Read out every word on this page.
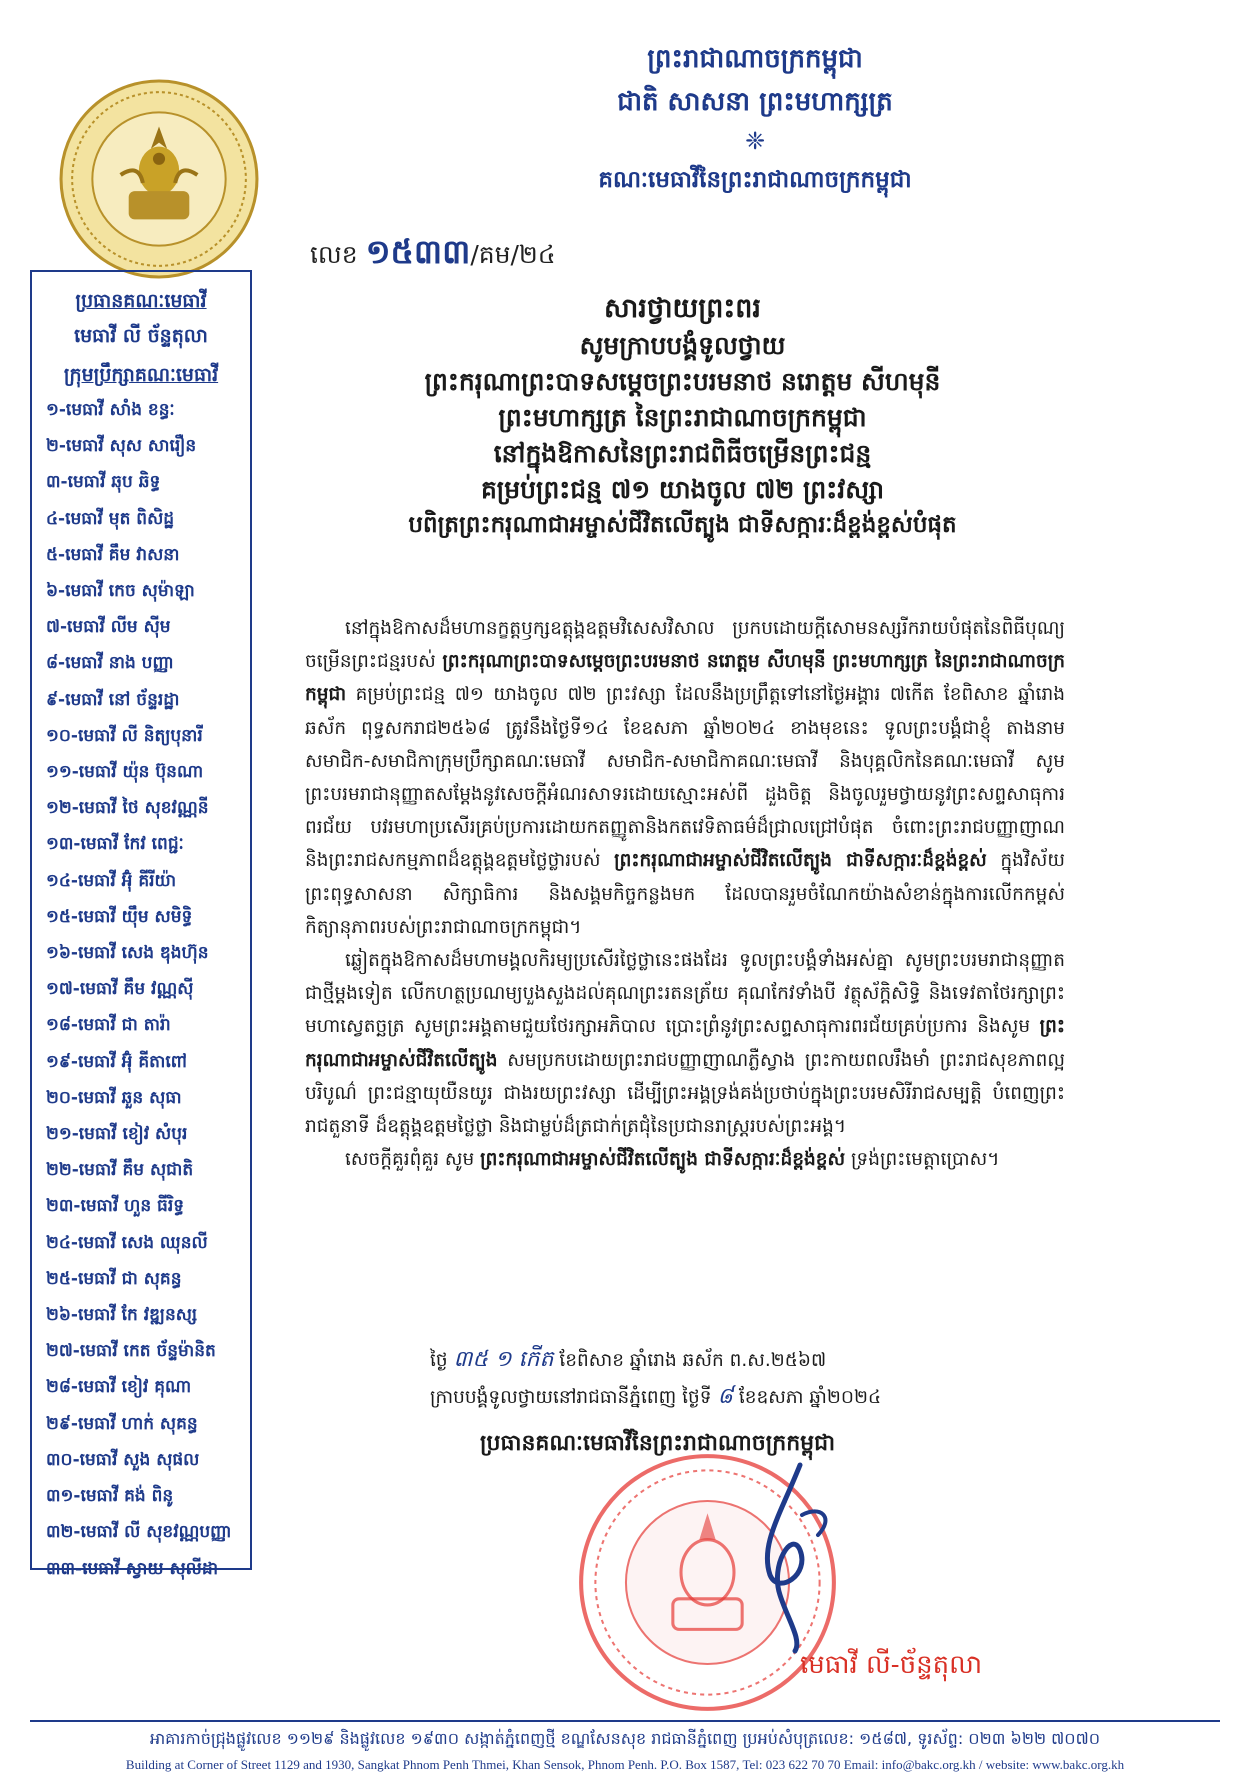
ព្រះរាជាណាចក្រកម្ពុជា
ជាតិ សាសនា ព្រះមហាក្សត្រ
❈
គណៈមេធាវីនៃព្រះរាជាណាចក្រកម្ពុជា
លេខ ១៥៣៣/គម/២៤
ប្រធានគណៈមេធាវី
មេធាវី លី ច័ន្ទតុលា
ក្រុមប្រឹក្សាគណៈមេធាវី
១-មេធាវី សាំង ខន្ធៈ
២-មេធាវី សុស សារឿន
៣-មេធាវី ឆុប ឆិទ្ធ
៤-មេធាវី មុត ពិសិដ្ឋ
៥-មេធាវី គឹម វាសនា
៦-មេធាវី កេច សុម៉ាឡា
៧-មេធាវី លីម ស៊ីម
៨-មេធាវី នាង បញ្ញា
៩-មេធាវី នៅ ច័ន្ទរដ្ឋា
១០-មេធាវី លី និត្យបុនារី
១១-មេធាវី យ៉ុន ប៊ុនណា
១២-មេធាវី ថៃ សុខវណ្ណនី
១៣-មេធាវី កែវ ពេជ្ជៈ
១៤-មេធាវី អ៊ុំ គីរីយ៉ា
១៥-មេធាវី យ៉ឹម សមិទ្ធិ
១៦-មេធាវី សេង ឌុងហ៊ុន
១៧-មេធាវី គឹម វណ្ណស៊ី
១៨-មេធាវី ជា តារ៉ា
១៩-មេធាវី អ៊ុំ គីតាពៅ
២០-មេធាវី ឆួន សុធា
២១-មេធាវី ខៀវ សំបុរ
២២-មេធាវី គឹម សុជាតិ
២៣-មេធាវី ហួន ធីរិទ្ធ
២៤-មេធាវី សេង ឈុនលី
២៥-មេធាវី ជា សុគន្ធ
២៦-មេធាវី កែ វឌ្ឍនស្ស
២៧-មេធាវី កេត ច័ន្ទម៉ានិត
២៨-មេធាវី ខៀវ គុណា
២៩-មេធាវី ហាក់ សុគន្ធ
៣០-មេធាវី សួង សុផល
៣១-មេធាវី គង់ ពិនូ
៣២-មេធាវី លី សុខវណ្ណបញ្ញា
៣៣-មេធាវី ស្វាយ សុលីដា
សារថ្វាយព្រះពរ
សូមក្រាបបង្គំទូលថ្វាយ
ព្រះករុណាព្រះបាទសម្តេចព្រះបរមនាថ នរោត្តម សីហមុនី
ព្រះមហាក្សត្រ នៃព្រះរាជាណាចក្រកម្ពុជា
នៅក្នុងឱកាសនៃព្រះរាជពិធីចម្រើនព្រះជន្ម
គម្រប់ព្រះជន្ម ៧១ យាងចូល ៧២ ព្រះវស្សា
បពិត្រព្រះករុណាជាអម្ចាស់ជីវិតលើត្បូង ជាទីសក្ការៈដ៏ខ្ពង់ខ្ពស់បំផុត

នៅក្នុងឱកាសដ៏មហានក្ខត្តឫក្សឧត្តុង្គឧត្តមវិសេសវិសាល ប្រកបដោយក្តីសោមនស្សរីករាយបំផុតនៃពិធីបុណ្យចម្រើនព្រះជន្មរបស់ ព្រះករុណាព្រះបាទសម្តេចព្រះបរមនាថ នរោត្តម សីហមុនី ព្រះមហាក្សត្រ នៃព្រះរាជាណាចក្រកម្ពុជា គម្រប់ព្រះជន្ម ៧១ យាងចូល ៧២ ព្រះវស្សា ដែលនឹងប្រព្រឹត្តទៅនៅថ្ងៃអង្គារ ៧កើត ខែពិសាខ ឆ្នាំរោង ឆស័ក ពុទ្ធសករាជ២៥៦៨ ត្រូវនឹងថ្ងៃទី១៤ ខែឧសភា ឆ្នាំ២០២៤ ខាងមុខនេះ ទូលព្រះបង្គំជាខ្ញុំ តាងនាមសមាជិក-សមាជិកាក្រុមប្រឹក្សាគណៈមេធាវី សមាជិក-សមាជិកាគណៈមេធាវី និងបុគ្គលិកនៃគណៈមេធាវី សូមព្រះបរមរាជានុញ្ញាតសម្តែងនូវសេចក្តីអំណរសាទរដោយស្មោះអស់ពី ដួងចិត្ត និងចូលរួមថ្វាយនូវព្រះសព្ទសាធុការពរជ័យ បវរមហាប្រសើរគ្រប់ប្រការដោយកតញ្ញូតានិងកតវេទិតាធម៌ដ៏ជ្រាលជ្រៅបំផុត ចំពោះព្រះរាជបញ្ញាញាណ និងព្រះរាជសកម្មភាពដ៏ឧត្តុង្គឧត្តមថ្លៃថ្លារបស់ ព្រះករុណាជាអម្ចាស់ជីវិតលើត្បូង ជាទីសក្ការៈដ៏ខ្ពង់ខ្ពស់ ក្នុងវិស័យព្រះពុទ្ធសាសនា សិក្សាធិការ និងសង្គមកិច្ចកន្លងមក ដែលបានរួមចំណែកយ៉ាងសំខាន់ក្នុងការលើកកម្ពស់កិត្យានុភាពរបស់ព្រះរាជាណាចក្រកម្ពុជា។

ឆ្លៀតក្នុងឱកាសដ៏មហាមង្គលកិរម្យប្រសើរថ្លៃថ្លានេះផងដែរ ទូលព្រះបង្គំទាំងអស់គ្នា សូមព្រះបរមរាជានុញ្ញាតជាថ្មីម្តងទៀត លើកហត្ថប្រណម្យបួងសួងដល់គុណព្រះរតនត្រ័យ គុណកែវទាំងបី វត្ថុស័ក្តិសិទ្ធិ និងទេវតាថែរក្សាព្រះមហាស្វេតច្ឆត្រ សូមព្រះអង្គតាមជួយថែរក្សាអភិបាល ប្រោះព្រំនូវព្រះសព្ទសាធុការពរជ័យគ្រប់ប្រការ និងសូម ព្រះករុណាជាអម្ចាស់ជីវិតលើត្បូង សមប្រកបដោយព្រះរាជបញ្ញាញាណភ្លឺស្វាង ព្រះកាយពលរឹងមាំ ព្រះរាជសុខភាពល្អបរិបូណ៌ ព្រះជន្មាយុយឺនយូរ ជាងរយព្រះវស្សា ដើម្បីព្រះអង្គទ្រង់គង់ប្រថាប់ក្នុងព្រះបរមសិរីរាជសម្បត្តិ បំពេញព្រះរាជតួនាទី ដ៏ឧត្តុង្គឧត្តមថ្លៃថ្លា និងជាម្លប់ដ៏ត្រជាក់ត្រជុំនៃប្រជានរាស្ត្ររបស់ព្រះអង្គ។

សេចក្តីគួរពុំគួរ សូម ព្រះករុណាជាអម្ចាស់ជីវិតលើត្បូង ជាទីសក្ការៈដ៏ខ្ពង់ខ្ពស់ ទ្រង់ព្រះមេត្តាប្រោស។

ថ្ងៃ ៣៥ ១ កើត ខែពិសាខ ឆ្នាំរោង ឆស័ក ព.ស.២៥៦៧
ក្រាបបង្គំទូលថ្វាយនៅរាជធានីភ្នំពេញ ថ្ងៃទី ៨ ខែឧសភា ឆ្នាំ២០២៤
ប្រធានគណៈមេធាវីនៃព្រះរាជាណាចក្រកម្ពុជា
មេធាវី លី-ច័ន្ទតុលា
អាគារកាច់ជ្រុងផ្លូវលេខ ១១២៩ និងផ្លូវលេខ ១៩៣០ សង្កាត់ភ្នំពេញថ្មី ខណ្ឌសែនសុខ រាជធានីភ្នំពេញ ប្រអប់សំបុត្រលេខ: ១៥៨៧, ទូរស័ព្ទ: ០២៣ ៦២២ ៧០៧០
Building at Corner of Street 1129 and 1930, Sangkat Phnom Penh Thmei, Khan Sensok, Phnom Penh. P.O. Box 1587, Tel: 023 622 70 70 Email: info@bakc.org.kh / website: www.bakc.org.kh
